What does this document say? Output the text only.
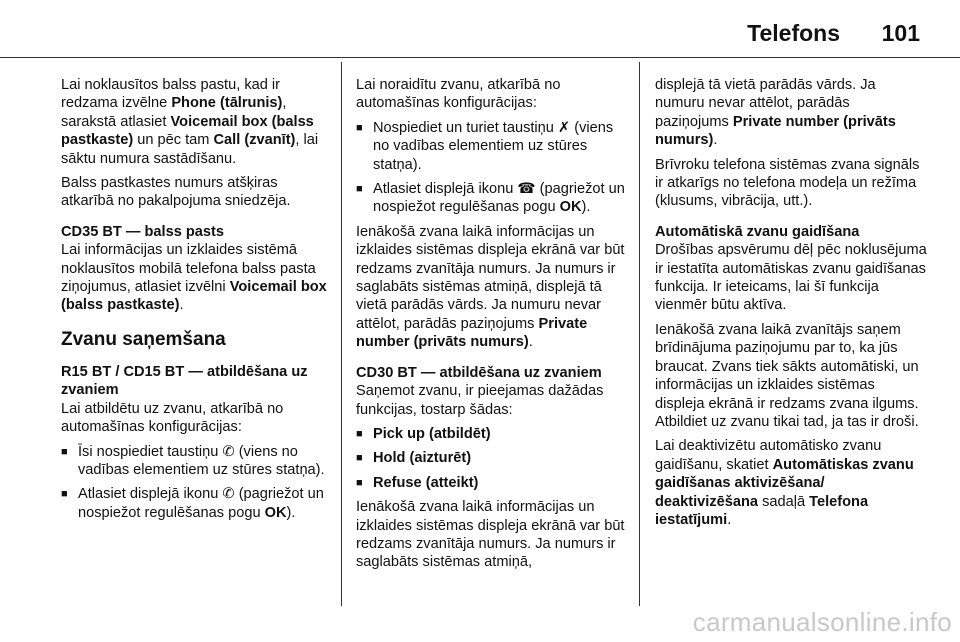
Telefons 101

Lai noklausītos balss pastu, kad ir redzama izvēlne Phone (tālrunis), sarakstā atlasiet Voicemail box (balss pastkaste) un pēc tam Call (zvanīt), lai sāktu numura sastādīšanu.

Balss pastkastes numurs atšķiras atkarībā no pakalpojuma sniedzēja.

CD35 BT — balss pasts

Lai informācijas un izklaides sistēmā noklausītos mobilā telefona balss pasta ziņojumus, atlasiet izvēlni Voicemail box (balss pastkaste).

Zvanu saņemšana

R15 BT / CD15 BT — atbildēšana uz zvaniem

Lai atbildētu uz zvanu, atkarībā no automašīnas konfigurācijas:

■ Īsi nospiediet taustiņu ✆ (viens no vadības elementiem uz stūres statņa).
■ Atlasiet displejā ikonu ✆ (pagriežot un nospiežot regulēšanas pogu OK).

Lai noraidītu zvanu, atkarībā no automašīnas konfigurācijas:

■ Nospiediet un turiet taustiņu ✗ (viens no vadības elementiem uz stūres statņa).
■ Atlasiet displejā ikonu ☎ (pagriežot un nospiežot regulēšanas pogu OK).

Ienākošā zvana laikā informācijas un izklaides sistēmas displeja ekrānā var būt redzams zvanītāja numurs. Ja numurs ir saglabāts sistēmas atmiņā, displejā tā vietā parādās vārds. Ja numuru nevar attēlot, parādās paziņojums Private number (privāts numurs).

CD30 BT — atbildēšana uz zvaniem

Saņemot zvanu, ir pieejamas dažādas funkcijas, tostarp šādas:

■ Pick up (atbildēt)
■ Hold (aizturēt)
■ Refuse (atteikt)

Ienākošā zvana laikā informācijas un izklaides sistēmas displeja ekrānā var būt redzams zvanītāja numurs. Ja numurs ir saglabāts sistēmas atmiņā,

displejā tā vietā parādās vārds. Ja numuru nevar attēlot, parādās paziņojums Private number (privāts numurs).

Brīvroku telefona sistēmas zvana signāls ir atkarīgs no telefona modeļa un režīma (klusums, vibrācija, utt.).

Automātiskā zvanu gaidīšana

Drošības apsvērumu dēļ pēc noklusējuma ir iestatīta automātiskas zvanu gaidīšanas funkcija. Ir ieteicams, lai šī funkcija vienmēr būtu aktīva.

Ienākošā zvana laikā zvanītājs saņem brīdinājuma paziņojumu par to, ka jūs braucat. Zvans tiek sākts automātiski, un informācijas un izklaides sistēmas displeja ekrānā ir redzams zvana ilgums. Atbildiet uz zvanu tikai tad, ja tas ir droši.

Lai deaktivizētu automātisko zvanu gaidīšanu, skatiet Automātiskas zvanu gaidīšanas aktivizēšana/ deaktivizēšana sadaļā Telefona iestatījumi.

carmanualsonline.info
